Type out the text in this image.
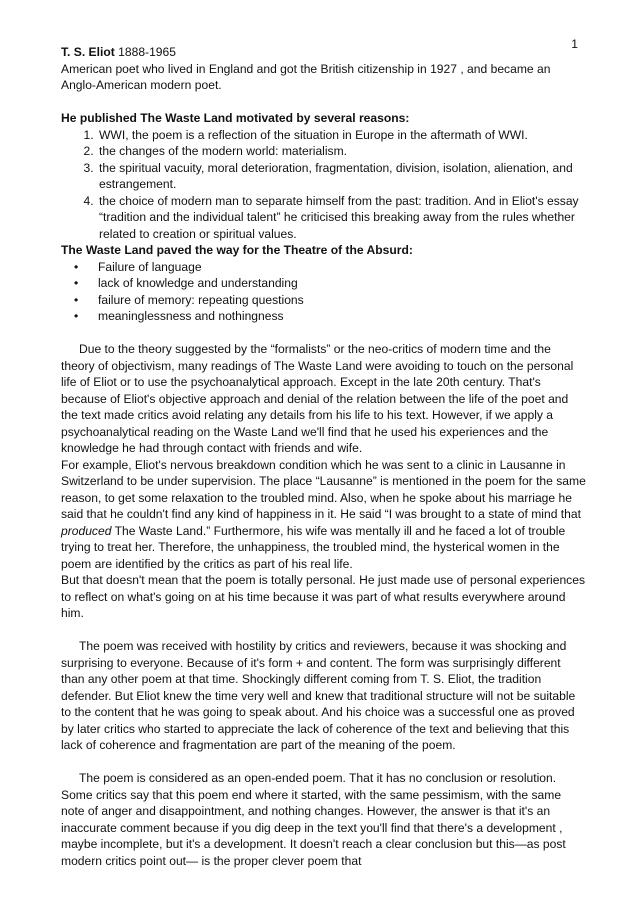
1

T. S. Eliot 1888-1965

American poet who lived in England and got the British citizenship in 1927 , and became an Anglo-American modern poet.

He published The Waste Land motivated by several reasons:

1. WWI, the poem is a reflection of the situation in Europe in the aftermath of WWI.
2. the changes of the modern world: materialism.
3. the spiritual vacuity, moral deterioration, fragmentation, division, isolation, alienation, and estrangement.
4. the choice of modern man to separate himself from the past: tradition. And in Eliot's essay “tradition and the individual talent” he criticised this breaking away from the rules whether related to creation or spiritual values.

The Waste Land paved the way for the Theatre of the Absurd:

• Failure of language
• lack of knowledge and understanding
• failure of memory: repeating questions
• meaninglessness and nothingness

Due to the theory suggested by the “formalists” or the neo-critics of modern time and the theory of objectivism, many readings of The Waste Land were avoiding to touch on the personal life of Eliot or to use the psychoanalytical approach. Except in the late 20th century. That's because of Eliot's objective approach and denial of the relation between the life of the poet and the text made critics avoid relating any details from his life to his text. However, if we apply a psychoanalytical reading on the Waste Land we'll find that he used his experiences and the knowledge he had through contact with friends and wife.

For example, Eliot's nervous breakdown condition which he was sent to a clinic in Lausanne in Switzerland to be under supervision. The place “Lausanne” is mentioned in the poem for the same reason, to get some relaxation to the troubled mind. Also, when he spoke about his marriage he said that he couldn't find any kind of happiness in it. He said “I was brought to a state of mind that produced The Waste Land.” Furthermore, his wife was mentally ill and he faced a lot of trouble trying to treat her. Therefore, the unhappiness, the troubled mind, the hysterical women in the poem are identified by the critics as part of his real life.

But that doesn't mean that the poem is totally personal. He just made use of personal experiences to reflect on what's going on at his time because it was part of what results everywhere around him.

The poem was received with hostility by critics and reviewers, because it was shocking and surprising to everyone. Because of it's form + and content. The form was surprisingly different than any other poem at that time. Shockingly different coming from T. S. Eliot, the tradition defender. But Eliot knew the time very well and knew that traditional structure will not be suitable to the content that he was going to speak about. And his choice was a successful one as proved by later critics who started to appreciate the lack of coherence of the text and believing that this lack of coherence and fragmentation are part of the meaning of the poem.

The poem is considered as an open-ended poem. That it has no conclusion or resolution. Some critics say that this poem end where it started, with the same pessimism, with the same note of anger and disappointment, and nothing changes. However, the answer is that it's an inaccurate comment because if you dig deep in the text you'll find that there's a development , maybe incomplete, but it's a development. It doesn't reach a clear conclusion but this—as post modern critics point out— is the proper clever poem that
